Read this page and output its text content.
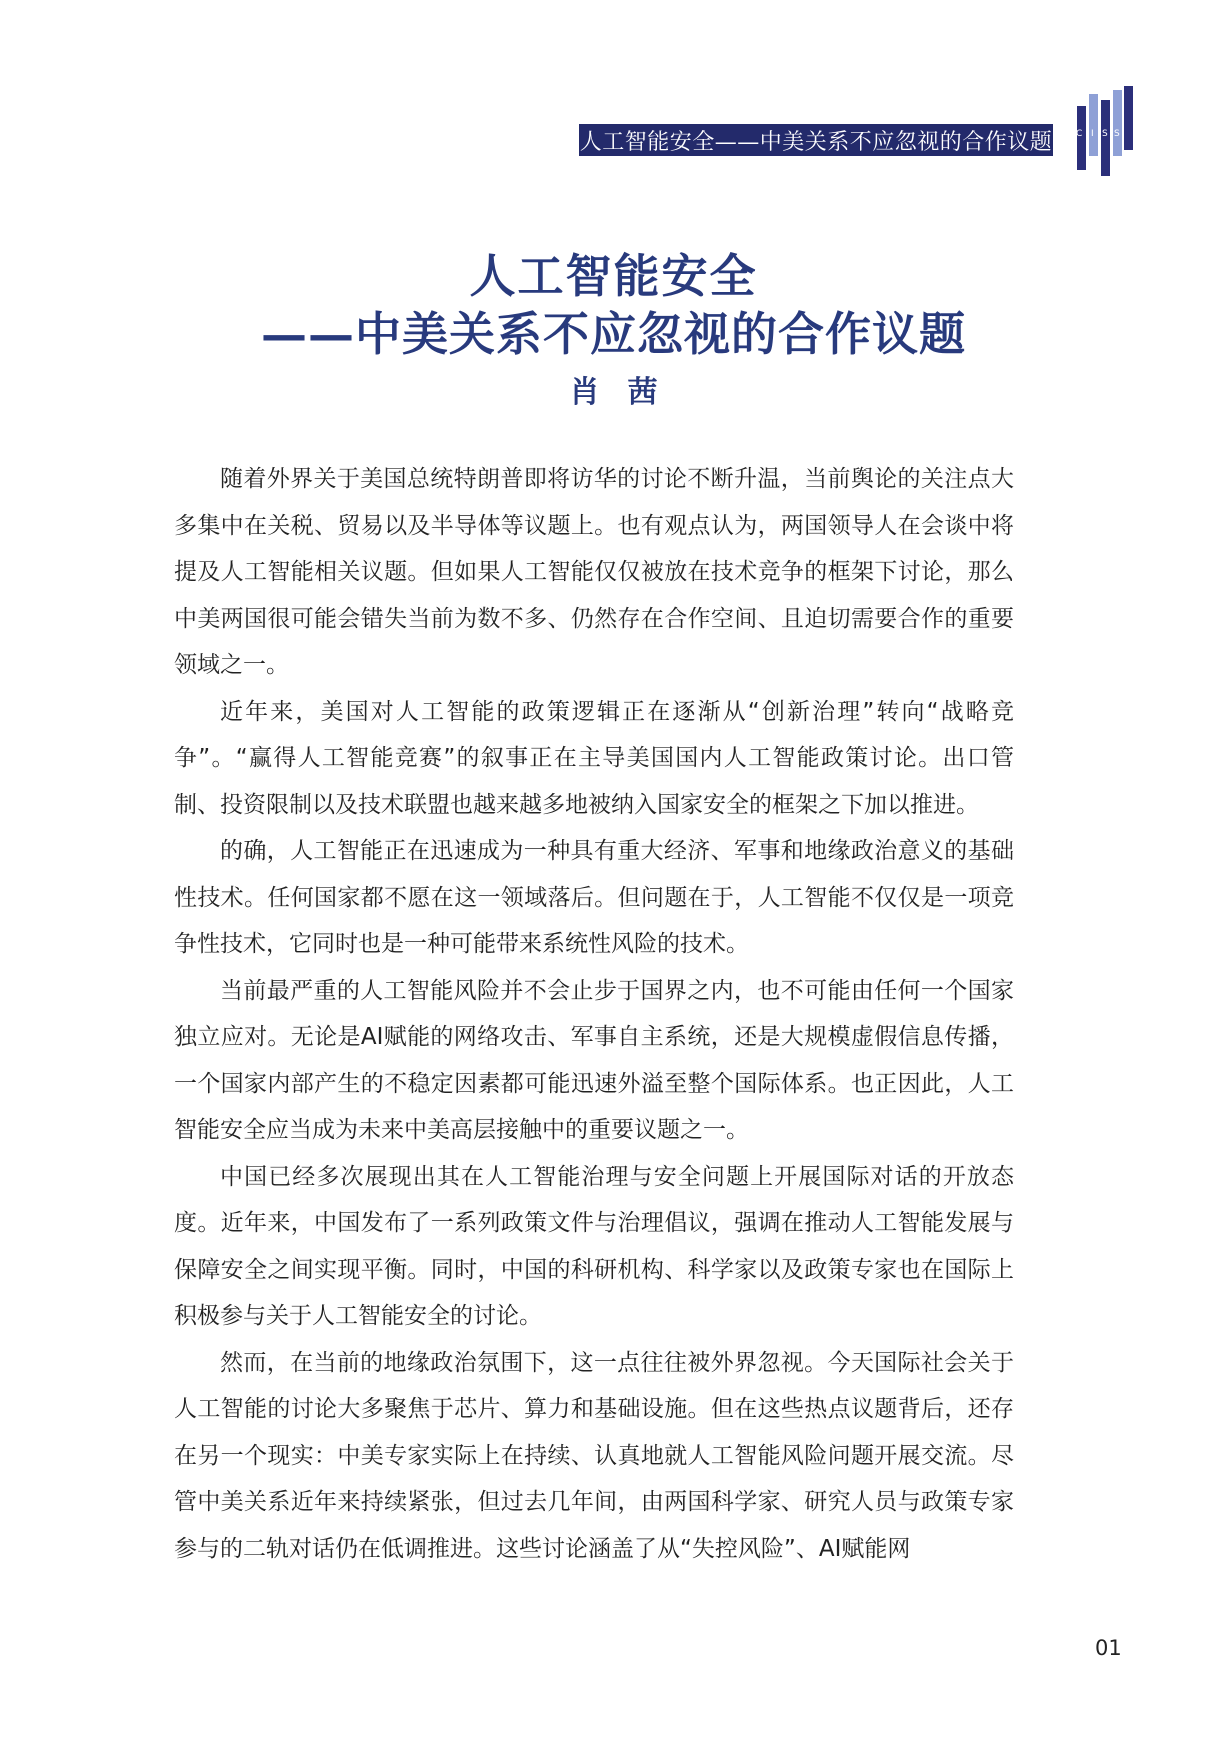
人工智能安全——中美关系不应忽视的合作议题	C I S S
人工智能安全
——中美关系不应忽视的合作议题
肖茜

随着外界关于美国总统特朗普即将访华的讨论不断升温，当前舆论的关注点大多集中在关税、贸易以及半导体等议题上。也有观点认为，两国领导人在会谈中将提及人工智能相关议题。但如果人工智能仅仅被放在技术竞争的框架下讨论，那么中美两国很可能会错失当前为数不多、仍然存在合作空间、且迫切需要合作的重要领域之一。

近年来，美国对人工智能的政策逻辑正在逐渐从“创新治理”转向“战略竞争”。“赢得人工智能竞赛”的叙事正在主导美国国内人工智能政策讨论。出口管制、投资限制以及技术联盟也越来越多地被纳入国家安全的框架之下加以推进。

的确，人工智能正在迅速成为一种具有重大经济、军事和地缘政治意义的基础性技术。任何国家都不愿在这一领域落后。但问题在于，人工智能不仅仅是一项竞争性技术，它同时也是一种可能带来系统性风险的技术。

当前最严重的人工智能风险并不会止步于国界之内，也不可能由任何一个国家独立应对。无论是AI赋能的网络攻击、军事自主系统，还是大规模虚假信息传播，一个国家内部产生的不稳定因素都可能迅速外溢至整个国际体系。也正因此，人工智能安全应当成为未来中美高层接触中的重要议题之一。

中国已经多次展现出其在人工智能治理与安全问题上开展国际对话的开放态度。近年来，中国发布了一系列政策文件与治理倡议，强调在推动人工智能发展与保障安全之间实现平衡。同时，中国的科研机构、科学家以及政策专家也在国际上积极参与关于人工智能安全的讨论。

然而，在当前的地缘政治氛围下，这一点往往被外界忽视。今天国际社会关于人工智能的讨论大多聚焦于芯片、算力和基础设施。但在这些热点议题背后，还存在另一个现实：中美专家实际上在持续、认真地就人工智能风险问题开展交流。尽管中美关系近年来持续紧张，但过去几年间，由两国科学家、研究人员与政策专家参与的二轨对话仍在低调推进。这些讨论涵盖了从“失控风险”、AI赋能网

01
